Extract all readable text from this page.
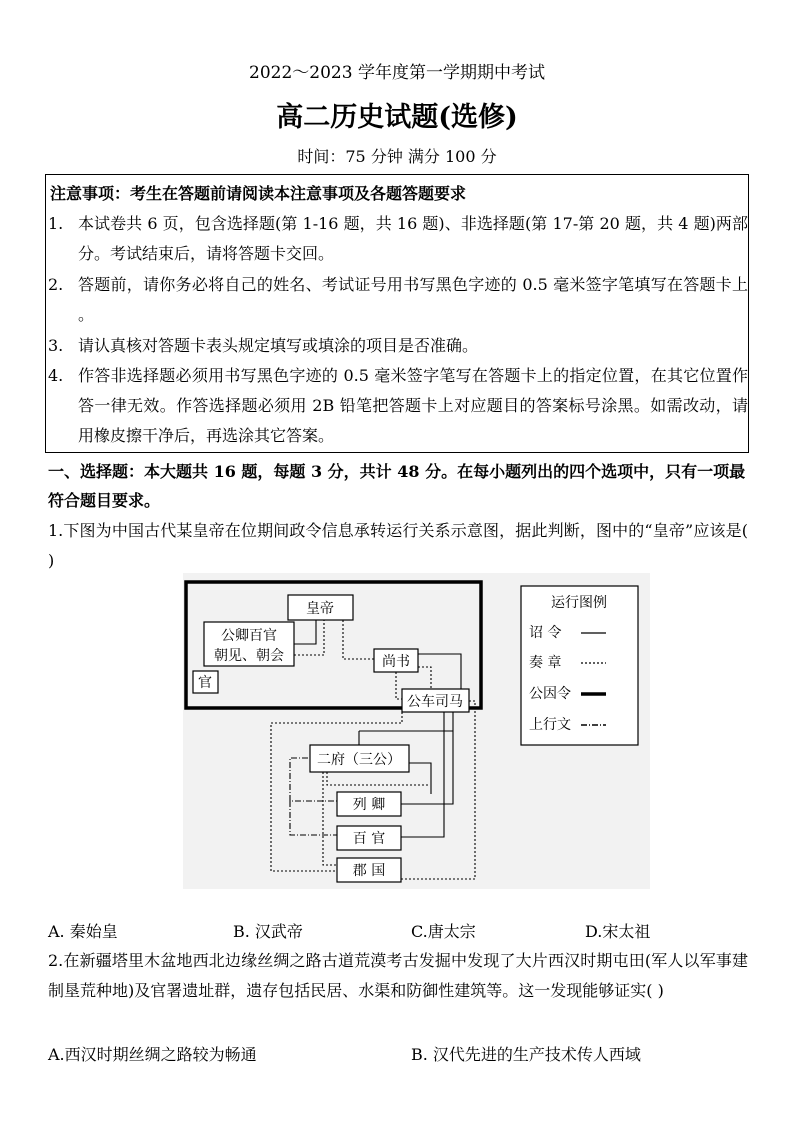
2022～2023 学年度第一学期期中考试
高二历史试题(选修)
时间：75 分钟 满分 100 分
注意事项：考生在答题前请阅读本注意事项及各题答题要求
1. 本试卷共 6 页，包含选择题(第 1-16 题，共 16 题)、非选择题(第 17-第 20 题，共 4 题)两部分。考试结束后，请将答题卡交回。
2. 答题前，请你务必将自己的姓名、考试证号用书写黑色字迹的 0.5 毫米签字笔填写在答题卡上 。
3. 请认真核对答题卡表头规定填写或填涂的项目是否准确。
4. 作答非选择题必须用书写黑色字迹的 0.5 毫米签字笔写在答题卡上的指定位置，在其它位置作答一律无效。作答选择题必须用 2B 铅笔把答题卡上对应题目的答案标号涂黑。如需改动，请用橡皮擦干净后，再选涂其它答案。
一、选择题：本大题共 16 题，每题 3 分，共计 48 分。在每小题列出的四个选项中，只有一项最符合题目要求。
1.下图为中国古代某皇帝在位期间政令信息承转运行关系示意图，据此判断，图中的“皇帝”应该是( )
皇帝
公卿百官
朝见、朝会
官
尚书
公车司马
二府（三公）
列 卿
百 官
郡 国
运行图例
诏 令
奏 章
公因令
上行文
A. 秦始皇	B. 汉武帝	C.唐太宗	D.宋太祖
2.在新疆塔里木盆地西北边缘丝绸之路古道荒漠考古发掘中发现了大片西汉时期屯田(军人以军事建制垦荒种地)及官署遗址群，遗存包括民居、水渠和防御性建筑等。这一发现能够证实( )
A.西汉时期丝绸之路较为畅通	B. 汉代先进的生产技术传人西域
